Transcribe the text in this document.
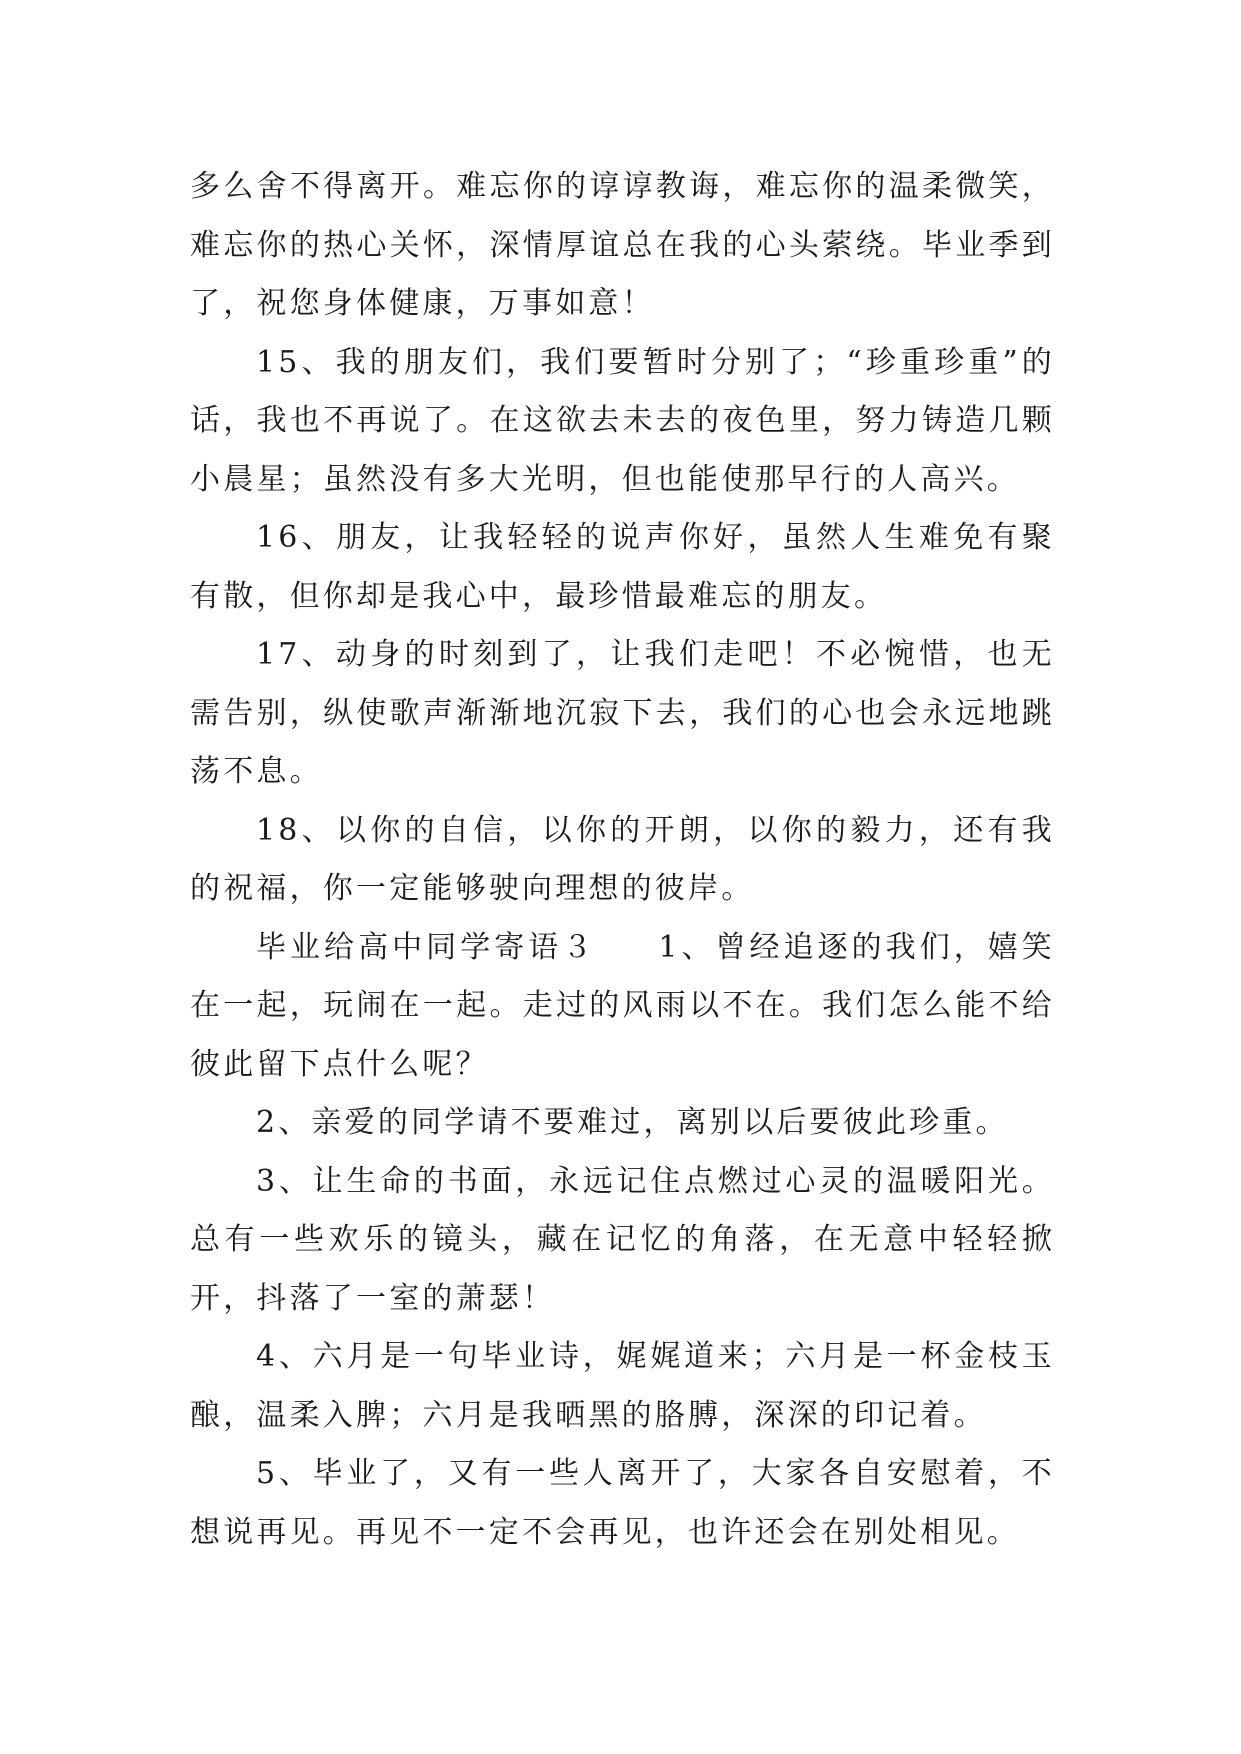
多么舍不得离开。难忘你的谆谆教诲，难忘你的温柔微笑，难忘你的热心关怀，深情厚谊总在我的心头萦绕。毕业季到了，祝您身体健康，万事如意！

15、我的朋友们，我们要暂时分别了；“珍重珍重”的话，我也不再说了。在这欲去未去的夜色里，努力铸造几颗小晨星；虽然没有多大光明，但也能使那早行的人高兴。

16、朋友，让我轻轻的说声你好，虽然人生难免有聚有散，但你却是我心中，最珍惜最难忘的朋友。

17、动身的时刻到了，让我们走吧！不必惋惜，也无需告别，纵使歌声渐渐地沉寂下去，我们的心也会永远地跳荡不息。

18、以你的自信，以你的开朗，以你的毅力，还有我的祝福，你一定能够驶向理想的彼岸。

毕业给高中同学寄语３ 1、曾经追逐的我们，嬉笑在一起，玩闹在一起。走过的风雨以不在。我们怎么能不给彼此留下点什么呢？

2、亲爱的同学请不要难过，离别以后要彼此珍重。

3、让生命的书面，永远记住点燃过心灵的温暖阳光。总有一些欢乐的镜头，藏在记忆的角落，在无意中轻轻掀开，抖落了一室的萧瑟！

4、六月是一句毕业诗，娓娓道来；六月是一杯金枝玉酿，温柔入脾；六月是我晒黑的胳膊，深深的印记着。

5、毕业了，又有一些人离开了，大家各自安慰着，不想说再见。再见不一定不会再见，也许还会在别处相见。
